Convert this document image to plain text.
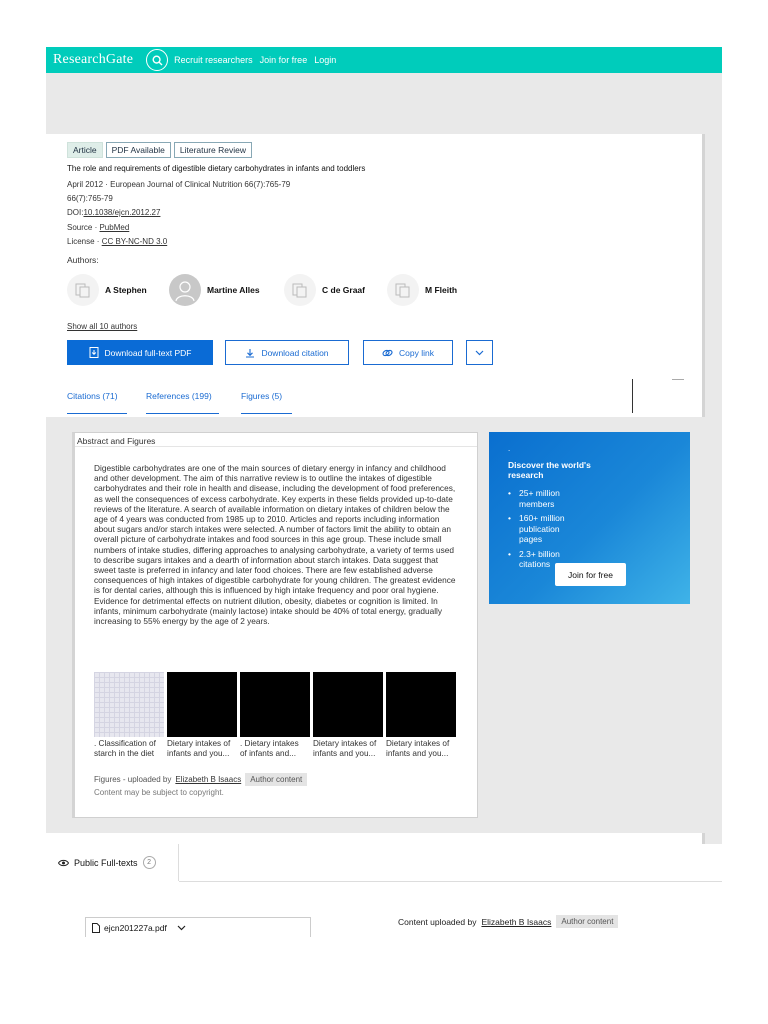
ResearchGate	Recruit researchers Join for free Login
Article	PDF Available	Literature Review
The role and requirements of digestible dietary carbohydrates in infants and toddlers
April 2012 · European Journal of Clinical Nutrition 66(7):765-79
66(7):765-79
DOI:10.1038/ejcn.2012.27
Source · PubMed
License · CC BY-NC-ND 3.0
Authors:
A Stephen	Martine Alles	C de Graaf	M Fleith
Show all 10 authors
Download full-text PDF	Download citation	Copy link
Citations (71)	References (199)	Figures (5)
Abstract and Figures
Digestible carbohydrates are one of the main sources of dietary energy in infancy and childhood and other development. The aim of this narrative review is to outline the intakes of digestible carbohydrates and their role in health and disease, including the development of food preferences, as well the consequences of excess carbohydrate. Key experts in these fields provided up-to-date reviews of the literature. A search of available information on dietary intakes of children below the age of 4 years was conducted from 1985 up to 2010. Articles and reports including information about sugars and/or starch intakes were selected. A number of factors limit the ability to obtain an overall picture of carbohydrate intakes and food sources in this age group. These include small numbers of intake studies, differing approaches to analysing carbohydrate, a variety of terms used to describe sugars intakes and a dearth of information about starch intakes. Data suggest that sweet taste is preferred in infancy and later food choices. There are few established adverse consequences of high intakes of digestible carbohydrate for young children. The greatest evidence is for dental caries, although this is influenced by high intake frequency and poor oral hygiene. Evidence for detrimental effects on nutrient dilution, obesity, diabetes or cognition is limited. In infants, minimum carbohydrate (mainly lactose) intake should be 40% of total energy, gradually increasing to 55% energy by the age of 2 years.
. Classification of
starch in the diet
Dietary intakes of
infants and you...
. Dietary intakes
of infants and...
Dietary intakes of
infants and you...
Dietary intakes of
infants and you...
Figures - uploaded by Elizabeth B Isaacs	Author content
Content may be subject to copyright.
.
Discover the world's research
• 25+ million members
• 160+ million publication pages
• 2.3+ billion citations
Join for free
Public Full-texts	2
ejcn201227a.pdf
Content uploaded by Elizabeth B Isaacs	Author content
